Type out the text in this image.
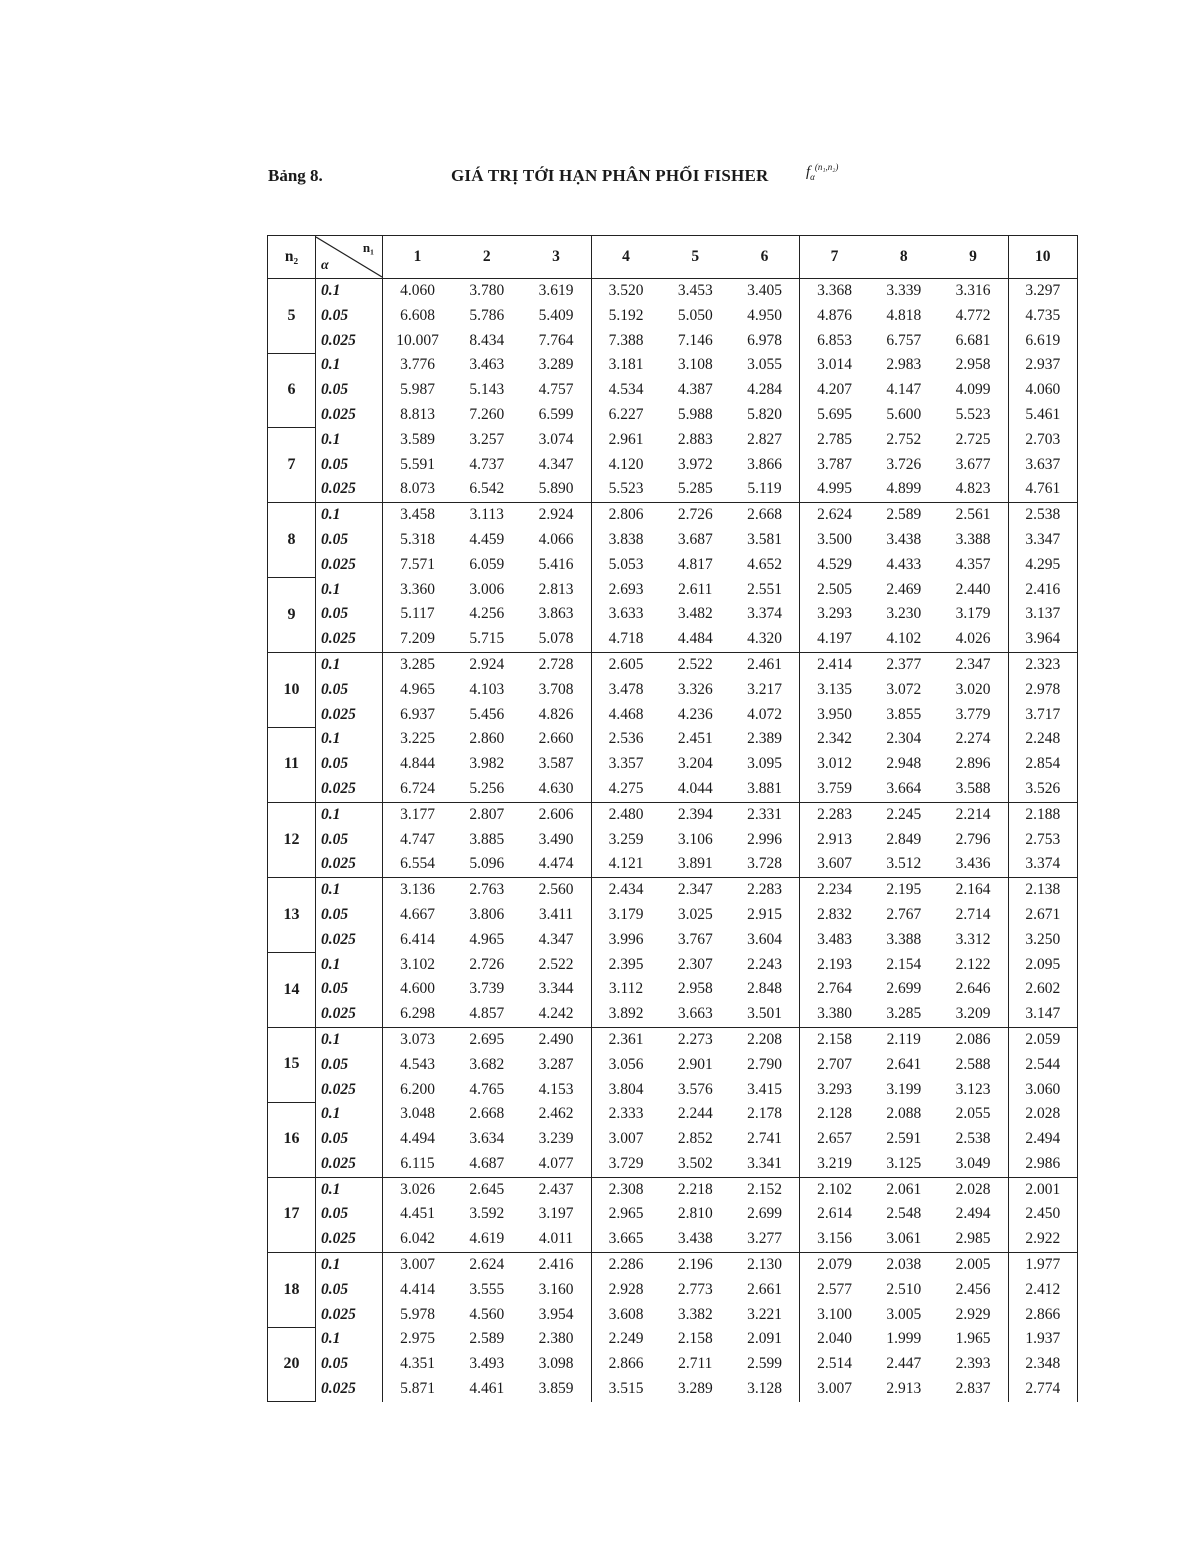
Bảng 8.	GIÁ TRỊ TỚI HẠN PHÂN PHỐI FISHER	$f_\alpha^{(n_1,n_2)}$
n₂	n₁
α	1	2	3	4	5	6	7	8	9	10
5	0.1	4.060	3.780	3.619	3.520	3.453	3.405	3.368	3.339	3.316	3.297
	0.05	6.608	5.786	5.409	5.192	5.050	4.950	4.876	4.818	4.772	4.735
	0.025	10.007	8.434	7.764	7.388	7.146	6.978	6.853	6.757	6.681	6.619
6	0.1	3.776	3.463	3.289	3.181	3.108	3.055	3.014	2.983	2.958	2.937
	0.05	5.987	5.143	4.757	4.534	4.387	4.284	4.207	4.147	4.099	4.060
	0.025	8.813	7.260	6.599	6.227	5.988	5.820	5.695	5.600	5.523	5.461
7	0.1	3.589	3.257	3.074	2.961	2.883	2.827	2.785	2.752	2.725	2.703
	0.05	5.591	4.737	4.347	4.120	3.972	3.866	3.787	3.726	3.677	3.637
	0.025	8.073	6.542	5.890	5.523	5.285	5.119	4.995	4.899	4.823	4.761
8	0.1	3.458	3.113	2.924	2.806	2.726	2.668	2.624	2.589	2.561	2.538
	0.05	5.318	4.459	4.066	3.838	3.687	3.581	3.500	3.438	3.388	3.347
	0.025	7.571	6.059	5.416	5.053	4.817	4.652	4.529	4.433	4.357	4.295
9	0.1	3.360	3.006	2.813	2.693	2.611	2.551	2.505	2.469	2.440	2.416
	0.05	5.117	4.256	3.863	3.633	3.482	3.374	3.293	3.230	3.179	3.137
	0.025	7.209	5.715	5.078	4.718	4.484	4.320	4.197	4.102	4.026	3.964
10	0.1	3.285	2.924	2.728	2.605	2.522	2.461	2.414	2.377	2.347	2.323
	0.05	4.965	4.103	3.708	3.478	3.326	3.217	3.135	3.072	3.020	2.978
	0.025	6.937	5.456	4.826	4.468	4.236	4.072	3.950	3.855	3.779	3.717
11	0.1	3.225	2.860	2.660	2.536	2.451	2.389	2.342	2.304	2.274	2.248
	0.05	4.844	3.982	3.587	3.357	3.204	3.095	3.012	2.948	2.896	2.854
	0.025	6.724	5.256	4.630	4.275	4.044	3.881	3.759	3.664	3.588	3.526
12	0.1	3.177	2.807	2.606	2.480	2.394	2.331	2.283	2.245	2.214	2.188
	0.05	4.747	3.885	3.490	3.259	3.106	2.996	2.913	2.849	2.796	2.753
	0.025	6.554	5.096	4.474	4.121	3.891	3.728	3.607	3.512	3.436	3.374
13	0.1	3.136	2.763	2.560	2.434	2.347	2.283	2.234	2.195	2.164	2.138
	0.05	4.667	3.806	3.411	3.179	3.025	2.915	2.832	2.767	2.714	2.671
	0.025	6.414	4.965	4.347	3.996	3.767	3.604	3.483	3.388	3.312	3.250
14	0.1	3.102	2.726	2.522	2.395	2.307	2.243	2.193	2.154	2.122	2.095
	0.05	4.600	3.739	3.344	3.112	2.958	2.848	2.764	2.699	2.646	2.602
	0.025	6.298	4.857	4.242	3.892	3.663	3.501	3.380	3.285	3.209	3.147
15	0.1	3.073	2.695	2.490	2.361	2.273	2.208	2.158	2.119	2.086	2.059
	0.05	4.543	3.682	3.287	3.056	2.901	2.790	2.707	2.641	2.588	2.544
	0.025	6.200	4.765	4.153	3.804	3.576	3.415	3.293	3.199	3.123	3.060
16	0.1	3.048	2.668	2.462	2.333	2.244	2.178	2.128	2.088	2.055	2.028
	0.05	4.494	3.634	3.239	3.007	2.852	2.741	2.657	2.591	2.538	2.494
	0.025	6.115	4.687	4.077	3.729	3.502	3.341	3.219	3.125	3.049	2.986
17	0.1	3.026	2.645	2.437	2.308	2.218	2.152	2.102	2.061	2.028	2.001
	0.05	4.451	3.592	3.197	2.965	2.810	2.699	2.614	2.548	2.494	2.450
	0.025	6.042	4.619	4.011	3.665	3.438	3.277	3.156	3.061	2.985	2.922
18	0.1	3.007	2.624	2.416	2.286	2.196	2.130	2.079	2.038	2.005	1.977
	0.05	4.414	3.555	3.160	2.928	2.773	2.661	2.577	2.510	2.456	2.412
	0.025	5.978	4.560	3.954	3.608	3.382	3.221	3.100	3.005	2.929	2.866
20	0.1	2.975	2.589	2.380	2.249	2.158	2.091	2.040	1.999	1.965	1.937
	0.05	4.351	3.493	3.098	2.866	2.711	2.599	2.514	2.447	2.393	2.348
	0.025	5.871	4.461	3.859	3.515	3.289	3.128	3.007	2.913	2.837	2.774
